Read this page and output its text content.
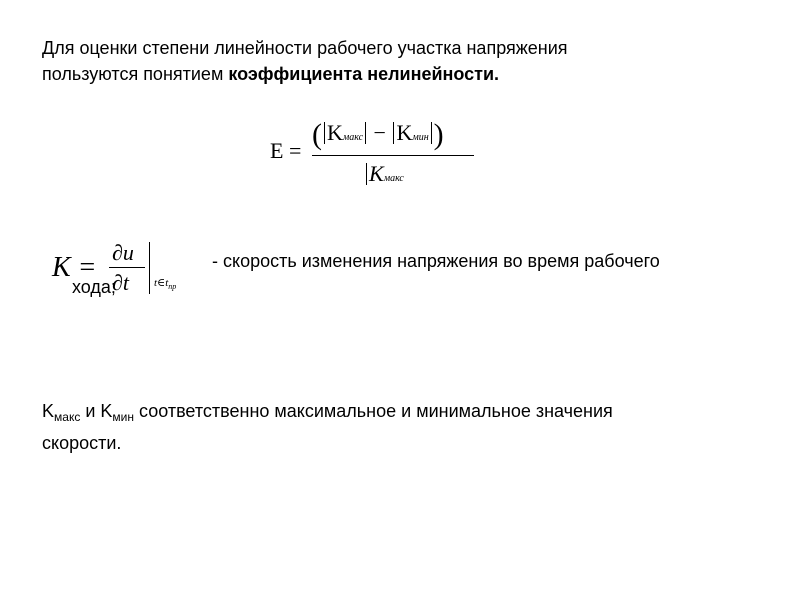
Для оценки степени линейности рабочего участка напряжения
пользуются понятием коэффициента нелинейности.

E = ( Kмакс − Kмин )
Kмакс
K = ∂u
∂t $t\in t_{пр}$

- скорость изменения напряжения во время рабочего

хода;

$K_{макс}$ и $K_{мин}$ соответственно максимальное и минимальное значения
скорости.
